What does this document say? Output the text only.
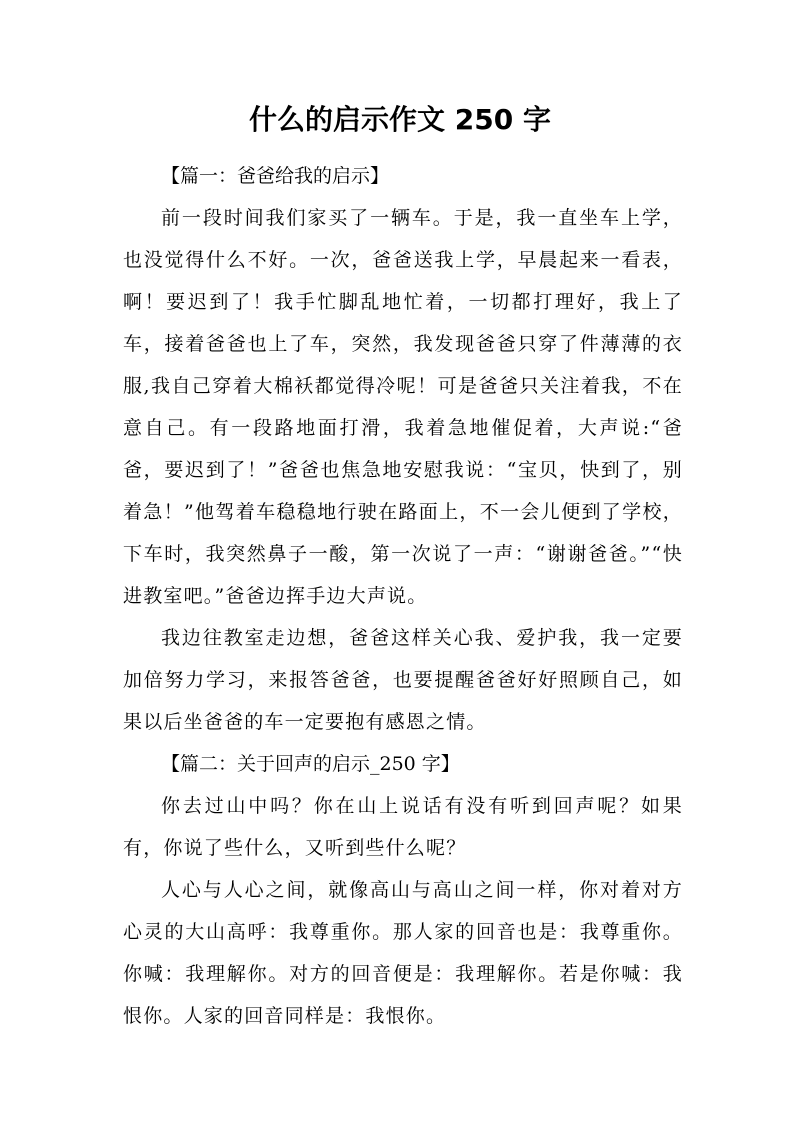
什么的启示作文 250 字

【篇一：爸爸给我的启示】

前一段时间我们家买了一辆车。于是，我一直坐车上学，也没觉得什么不好。一次，爸爸送我上学，早晨起来一看表，啊！要迟到了！我手忙脚乱地忙着，一切都打理好，我上了车，接着爸爸也上了车，突然，我发现爸爸只穿了件薄薄的衣服,我自己穿着大棉袄都觉得冷呢！可是爸爸只关注着我，不在意自己。有一段路地面打滑，我着急地催促着，大声说:“爸爸，要迟到了！”爸爸也焦急地安慰我说：“宝贝，快到了，别着急！”他驾着车稳稳地行驶在路面上，不一会儿便到了学校，下车时，我突然鼻子一酸，第一次说了一声：“谢谢爸爸。”“快进教室吧。”爸爸边挥手边大声说。

我边往教室走边想，爸爸这样关心我、爱护我，我一定要加倍努力学习，来报答爸爸，也要提醒爸爸好好照顾自己，如果以后坐爸爸的车一定要抱有感恩之情。

【篇二：关于回声的启示_250 字】

你去过山中吗？你在山上说话有没有听到回声呢？如果有，你说了些什么，又听到些什么呢？

人心与人心之间，就像高山与高山之间一样，你对着对方心灵的大山高呼：我尊重你。那人家的回音也是：我尊重你。你喊：我理解你。对方的回音便是：我理解你。若是你喊：我恨你。人家的回音同样是：我恨你。
